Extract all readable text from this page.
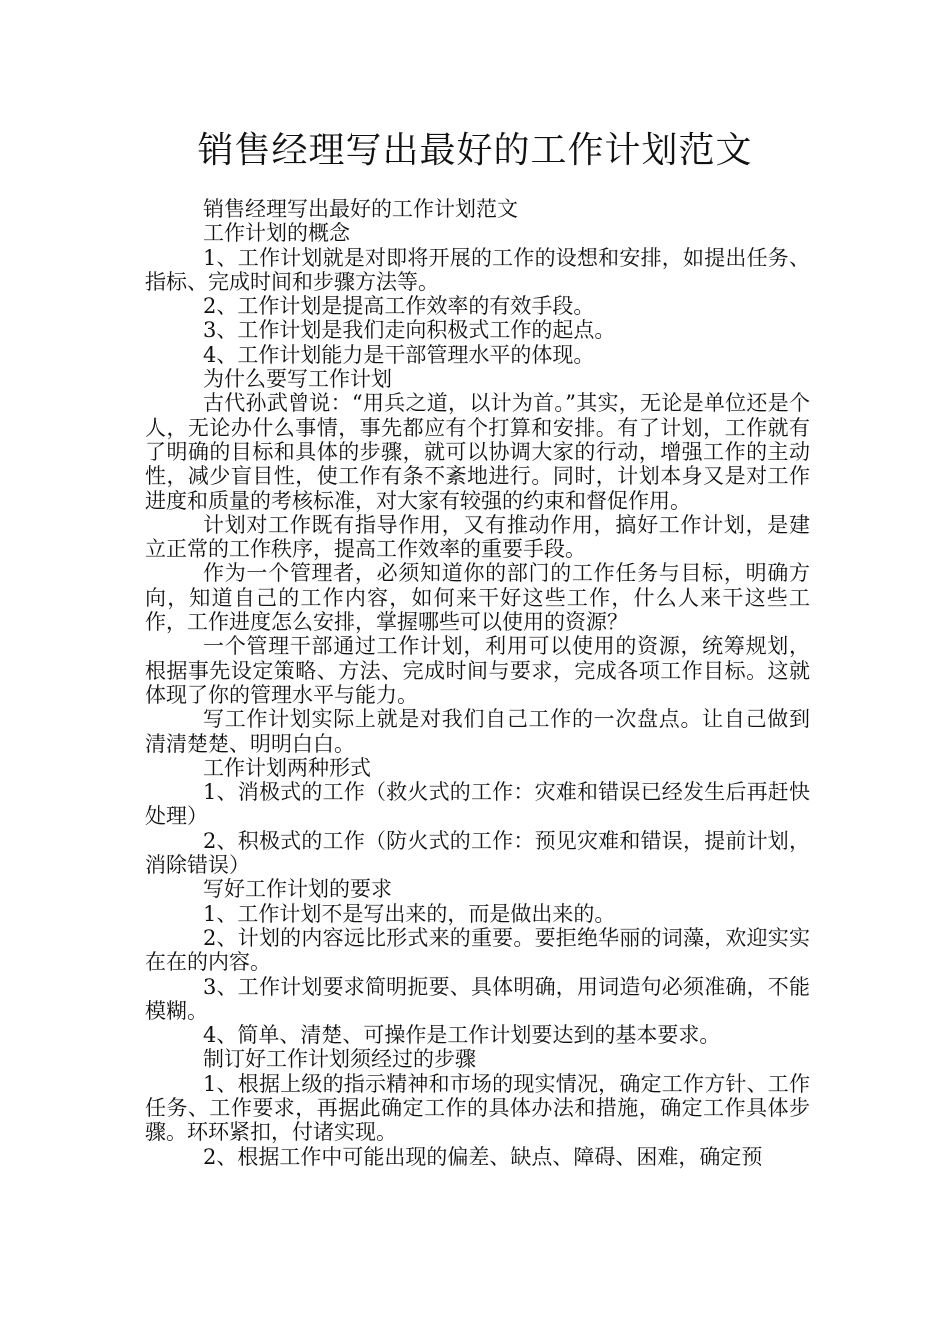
销售经理写出最好的工作计划范文

销售经理写出最好的工作计划范文

工作计划的概念

1、工作计划就是对即将开展的工作的设想和安排，如提出任务、指标、完成时间和步骤方法等。

2、工作计划是提高工作效率的有效手段。

3、工作计划是我们走向积极式工作的起点。

4、工作计划能力是干部管理水平的体现。

为什么要写工作计划

古代孙武曾说：“用兵之道，以计为首。”其实，无论是单位还是个人，无论办什么事情，事先都应有个打算和安排。有了计划，工作就有了明确的目标和具体的步骤，就可以协调大家的行动，增强工作的主动性，减少盲目性，使工作有条不紊地进行。同时，计划本身又是对工作进度和质量的考核标准，对大家有较强的约束和督促作用。

计划对工作既有指导作用，又有推动作用，搞好工作计划，是建立正常的工作秩序，提高工作效率的重要手段。

作为一个管理者，必须知道你的部门的工作任务与目标，明确方向，知道自己的工作内容，如何来干好这些工作，什么人来干这些工作，工作进度怎么安排，掌握哪些可以使用的资源？

一个管理干部通过工作计划，利用可以使用的资源，统筹规划，根据事先设定策略、方法、完成时间与要求，完成各项工作目标。这就体现了你的管理水平与能力。

写工作计划实际上就是对我们自己工作的一次盘点。让自己做到清清楚楚、明明白白。

工作计划两种形式

1、消极式的工作（救火式的工作：灾难和错误已经发生后再赶快处理）

2、积极式的工作（防火式的工作：预见灾难和错误，提前计划，消除错误）

写好工作计划的要求

1、工作计划不是写出来的，而是做出来的。

2、计划的内容远比形式来的重要。要拒绝华丽的词藻，欢迎实实在在的内容。

3、工作计划要求简明扼要、具体明确，用词造句必须准确，不能模糊。

4、简单、清楚、可操作是工作计划要达到的基本要求。

制订好工作计划须经过的步骤

1、根据上级的指示精神和市场的现实情况，确定工作方针、工作任务、工作要求，再据此确定工作的具体办法和措施，确定工作具体步骤。环环紧扣，付诸实现。

2、根据工作中可能出现的偏差、缺点、障碍、困难，确定预
